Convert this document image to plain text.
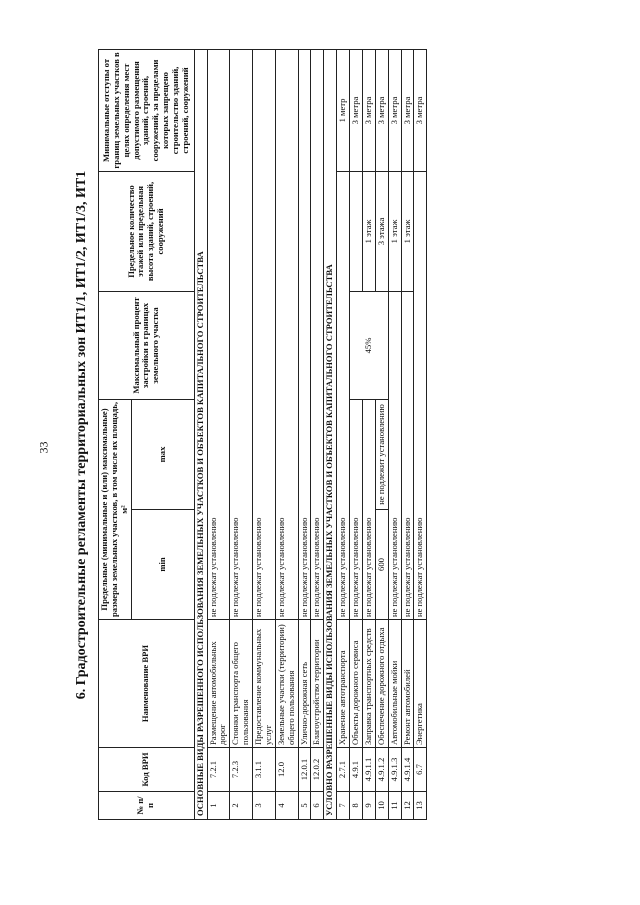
33 6. Градостроительные регламенты территориальных зон ИТ1/1, ИТ1/2, ИТ1/3, ИТ1
№ п/п	Код ВРИ	Наименование ВРИ	Предельные (минимальные и (или) максимальные) размеры земельных участков, в том числе их площадь, м²		Максимальный процент застройки в границах земельного участка	Предельное количество этажей или предельная высота зданий, строений, сооружений	Минимальные отступы от границ земельных участков в целях определения мест допустимого размещения зданий, строений, сооружений, за пределами которых запрещено строительство зданий, строений, сооружений
			min	max			
ОСНОВНЫЕ ВИДЫ РАЗРЕШЕННОГО ИСПОЛЬЗОВАНИЯ ЗЕМЕЛЬНЫХ УЧАСТКОВ И ОБЪЕКТОВ КАПИТАЛЬНОГО СТРОИТЕЛЬСТВА							
1	7.2.1	Размещение автомобильных дорог	не подлежат установлению				
2	7.2.3	Стоянки транспорта общего пользования	не подлежат установлению				
3	3.1.1	Предоставление коммунальных услуг	не подлежат установлению				
4	12.0	Земельные участки (территории) общего пользования	не подлежат установлению				
5	12.0.1	Улично-дорожная сеть	не подлежат установлению				
6	12.0.2	Благоустройство территории	не подлежат установлению				
УСЛОВНО РАЗРЕШЕННЫЕ ВИДЫ ИСПОЛЬЗОВАНИЯ ЗЕМЕЛЬНЫХ УЧАСТКОВ И ОБЪЕКТОВ КАПИТАЛЬНОГО СТРОИТЕЛЬСТВА							
7	2.7.1	Хранение автотранспорта	не подлежат установлению				1 метр
8	4.9.1	Объекты дорожного сервиса	не подлежат установлению		45%		3 метра
9	4.9.1.1	Заправка транспортных средств	не подлежат установлению			1 этаж	3 метра
10	4.9.1.2	Обеспечение дорожного отдыха	600	не подлежит установлению		3 этажа	3 метра
11	4.9.1.3	Автомобильные мойки	не подлежат установлению			1 этаж	3 метра
12	4.9.1.4	Ремонт автомобилей	не подлежат установлению			1 этаж	3 метра
13	6.7	Энергетика	не подлежат установлению				3 метра
